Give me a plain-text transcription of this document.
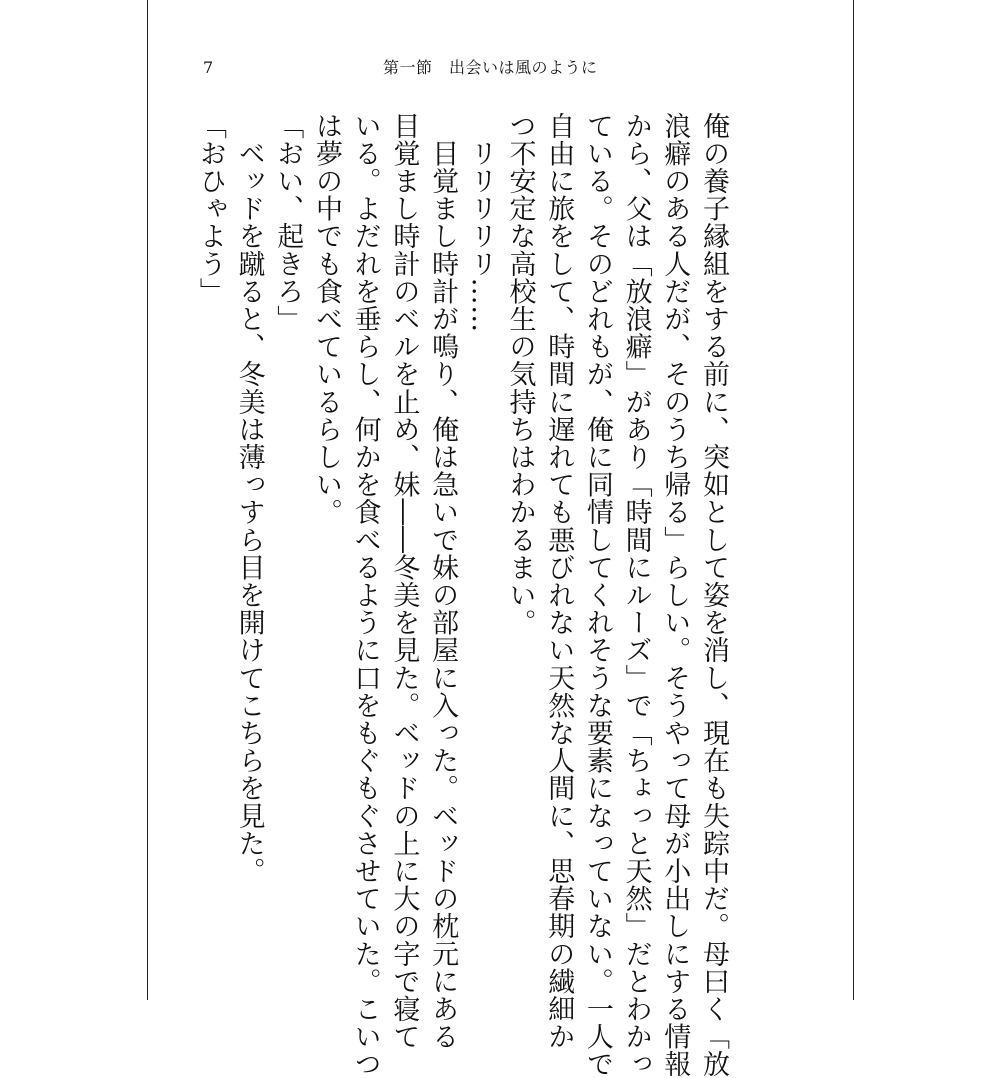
7	第一節　出会いは風のように
俺の養子縁組をする前に、突如として姿を消し、現在も失踪中だ。母曰く「放
浪癖のある人だが、そのうち帰る」らしい。そうやって母が小出しにする情報
から、父は「放浪癖」があり「時間にルーズ」で「ちょっと天然」だとわかっ
ている。そのどれもが、俺に同情してくれそうな要素になっていない。一人で
自由に旅をして、時間に遅れても悪びれない天然な人間に、思春期の繊細か
つ不安定な高校生の気持ちはわかるまい。
　リリリリリ……
　目覚まし時計が鳴り、俺は急いで妹の部屋に入った。ベッドの枕元にある
目覚まし時計のベルを止め、妹――冬美を見た。ベッドの上に大の字で寝て
いる。よだれを垂らし、何かを食べるように口をもぐもぐさせていた。こいつ
は夢の中でも食べているらしい。
「おい、起きろ」
　ベッドを蹴ると、冬美は薄っすら目を開けてこちらを見た。
「おひゃよう」
